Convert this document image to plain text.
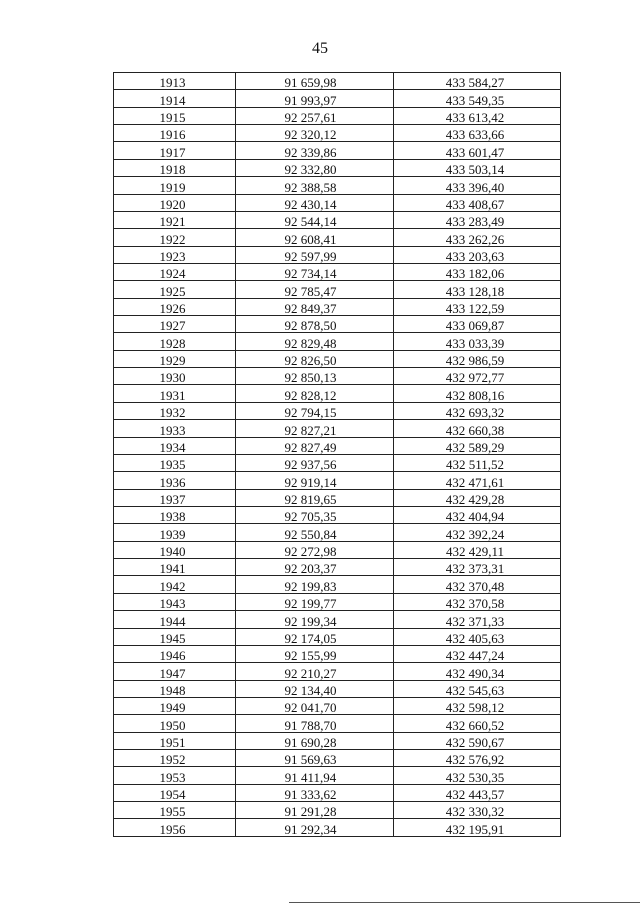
45
1913	91 659,98	433 584,27
1914	91 993,97	433 549,35
1915	92 257,61	433 613,42
1916	92 320,12	433 633,66
1917	92 339,86	433 601,47
1918	92 332,80	433 503,14
1919	92 388,58	433 396,40
1920	92 430,14	433 408,67
1921	92 544,14	433 283,49
1922	92 608,41	433 262,26
1923	92 597,99	433 203,63
1924	92 734,14	433 182,06
1925	92 785,47	433 128,18
1926	92 849,37	433 122,59
1927	92 878,50	433 069,87
1928	92 829,48	433 033,39
1929	92 826,50	432 986,59
1930	92 850,13	432 972,77
1931	92 828,12	432 808,16
1932	92 794,15	432 693,32
1933	92 827,21	432 660,38
1934	92 827,49	432 589,29
1935	92 937,56	432 511,52
1936	92 919,14	432 471,61
1937	92 819,65	432 429,28
1938	92 705,35	432 404,94
1939	92 550,84	432 392,24
1940	92 272,98	432 429,11
1941	92 203,37	432 373,31
1942	92 199,83	432 370,48
1943	92 199,77	432 370,58
1944	92 199,34	432 371,33
1945	92 174,05	432 405,63
1946	92 155,99	432 447,24
1947	92 210,27	432 490,34
1948	92 134,40	432 545,63
1949	92 041,70	432 598,12
1950	91 788,70	432 660,52
1951	91 690,28	432 590,67
1952	91 569,63	432 576,92
1953	91 411,94	432 530,35
1954	91 333,62	432 443,57
1955	91 291,28	432 330,32
1956	91 292,34	432 195,91
